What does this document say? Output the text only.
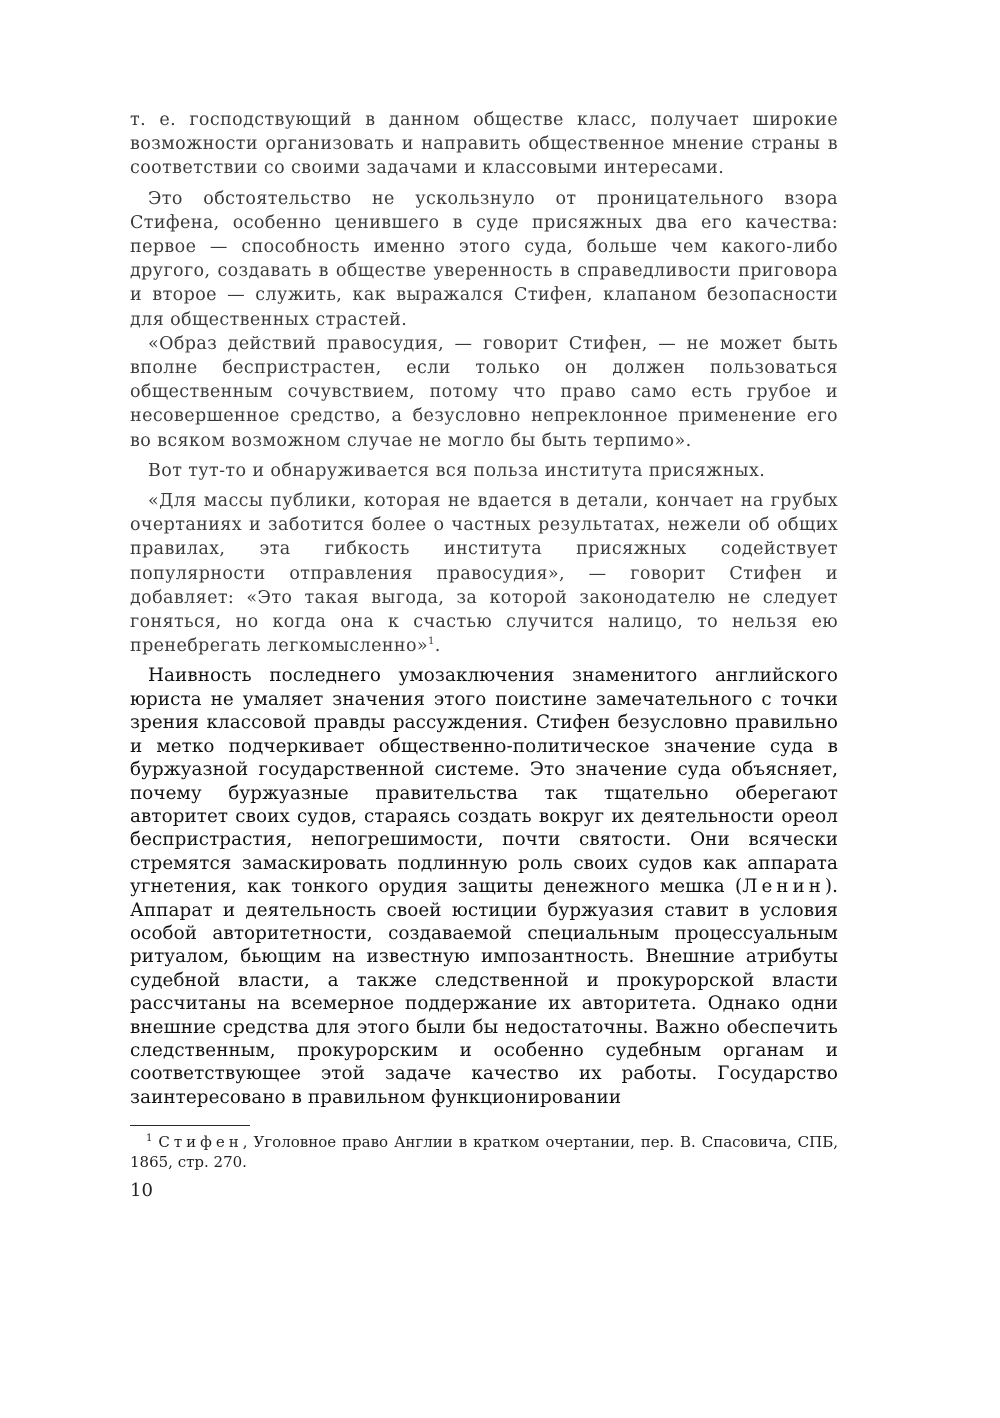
т. е. господствующий в данном обществе класс, получает широкие возможности организовать и направить общественное мнение страны в соответствии со своими задачами и классовыми интересами.

Это обстоятельство не ускользнуло от проницательного взора Стифена, особенно ценившего в суде присяжных два его качества: первое — способность именно этого суда, больше чем какого-либо другого, создавать в обществе уверенность в справедливости приговора и второе — служить, как выражался Стифен, клапаном безопасности для общественных страстей.

«Образ действий правосудия, — говорит Стифен, — не может быть вполне беспристрастен, если только он должен пользоваться общественным сочувствием, потому что право само есть грубое и несовершенное средство, а безусловно непреклонное применение его во всяком возможном случае не могло бы быть терпимо».

Вот тут-то и обнаруживается вся польза института присяжных.

«Для массы публики, которая не вдается в детали, кончает на грубых очертаниях и заботится более о частных результатах, нежели об общих правилах, эта гибкость института присяжных содействует популярности отправления правосудия», — говорит Стифен и добавляет: «Это такая выгода, за которой законодателю не следует гоняться, но когда она к счастью случится налицо, то нельзя ею пренебрегать легкомысленно»$^1$.

Наивность последнего умозаключения знаменитого английского юриста не умаляет значения этого поистине замечательного с точки зрения классовой правды рассуждения. Стифен безусловно правильно и метко подчеркивает общественно-политическое значение суда в буржуазной государственной системе. Это значение суда объясняет, почему буржуазные правительства так тщательно оберегают авторитет своих судов, стараясь создать вокруг их деятельности ореол беспристрастия, непогрешимости, почти святости. Они всячески стремятся замаскировать подлинную роль своих судов как аппарата угнетения, как тонкого орудия защиты денежного мешка (Ленин). Аппарат и деятельность своей юстиции буржуазия ставит в условия особой авторитетности, создаваемой специальным процессуальным ритуалом, бьющим на известную импозантность. Внешние атрибуты судебной власти, а также следственной и прокурорской власти рассчитаны на всемерное поддержание их авторитета. Однако одни внешние средства для этого были бы недостаточны. Важно обеспечить следственным, прокурорским и особенно судебным органам и соответствующее этой задаче качество их работы. Государство заинтересовано в правильном функционировании

$^1$ Стифен, Уголовное право Англии в кратком очертании, пер. В. Спасовича, СПБ, 1865, стр. 270.

10
